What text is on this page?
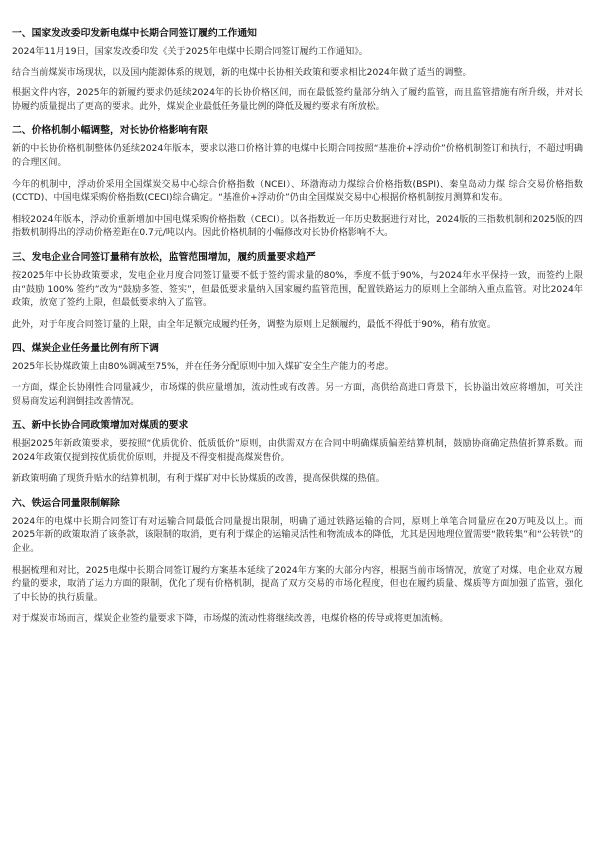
一、国家发改委印发新电煤中长期合同签订履约工作通知

2024年11月19日，国家发改委印发《关于2025年电煤中长期合同签订履约工作通知》。

结合当前煤炭市场现状，以及国内能源体系的规划，新的电煤中长协相关政策和要求相比2024年做了适当的调整。

根据文件内容，2025年的新履约要求仍延续2024年的长协价格区间，而在最低签约量部分纳入了履约监管，而且监管措施有所升级，并对长协履约质量提出了更高的要求。此外，煤炭企业最低任务量比例的降低及履约要求有所放松。

二、价格机制小幅调整，对长协价格影响有限

新的中长协价格机制整体仍延续2024年版本，要求以港口价格计算的电煤中长期合同按照“基准价+浮动价”价格机制签订和执行，不超过明确的合理区间。

今年的机制中，浮动价采用全国煤炭交易中心综合价格指数（NCEI）、环渤海动力煤综合价格指数(BSPI)、秦皇岛动力煤 综合交易价格指数(CCTD)、中国电煤采购价格指数(CECI)综合确定。“基准价+浮动价”仍由全国煤炭交易中心根据价格机制按月测算和发布。

相较2024年版本，浮动价重新增加中国电煤采购价格指数（CECI）。以各指数近一年历史数据进行对比，2024版的三指数机制和2025版的四指数机制得出的浮动价格差距在0.7元/吨以内。因此价格机制的小幅修改对长协价格影响不大。

三、发电企业合同签订量稍有放松，监管范围增加，履约质量要求趋严

按2025年中长协政策要求，发电企业月度合同签订量要不低于签约需求量的80%，季度不低于90%，与2024年水平保持一致，而签约上限由“鼓励 100% 签约”改为“鼓励多签、签实”，但最低要求量纳入国家履约监管范围，配置铁路运力的原则上全部纳入重点监管。对比2024年政策，放宽了签约上限，但最低要求纳入了监管。

此外，对于年度合同签订量的上限，由全年足额完成履约任务，调整为原则上足额履约，最低不得低于90%，稍有放宽。

四、煤炭企业任务量比例有所下调

2025年长协煤政策上由80%调减至75%，并在任务分配原则中加入煤矿安全生产能力的考虑。

一方面，煤企长协刚性合同量减少，市场煤的供应量增加，流动性或有改善。另一方面，高供给高进口背景下，长协溢出效应将增加，可关注贸易商发运利润倒挂改善情况。

五、新中长协合同政策增加对煤质的要求

根据2025年新政策要求，要按照“优质优价、低质低价”原则，由供需双方在合同中明确煤质偏差结算机制，鼓励协商确定热值折算系数。而2024年政策仅提到按优质优价原则，并提及不得变相提高煤炭售价。

新政策明确了现货升贴水的结算机制，有利于煤矿对中长协煤质的改善，提高保供煤的热值。

六、铁运合同量限制解除

2024年的电煤中长期合同签订有对运输合同最低合同量提出限制，明确了通过铁路运输的合同，原则上单笔合同量应在20万吨及以上。而2025年新的政策取消了该条款，该限制的取消，更有利于煤企的运输灵活性和物流成本的降低，尤其是因地理位置需要“散转集”和“公转铁”的企业。

根据梳理和对比，2025电煤中长期合同签订履约方案基本延续了2024年方案的大部分内容，根据当前市场情况，放宽了对煤、电企业双方履约量的要求，取消了运力方面的限制，优化了现有价格机制，提高了双方交易的市场化程度，但也在履约质量、煤质等方面加强了监管，强化了中长协的执行质量。

对于煤炭市场而言，煤炭企业签约量要求下降，市场煤的流动性将继续改善，电煤价格的传导或将更加流畅。
